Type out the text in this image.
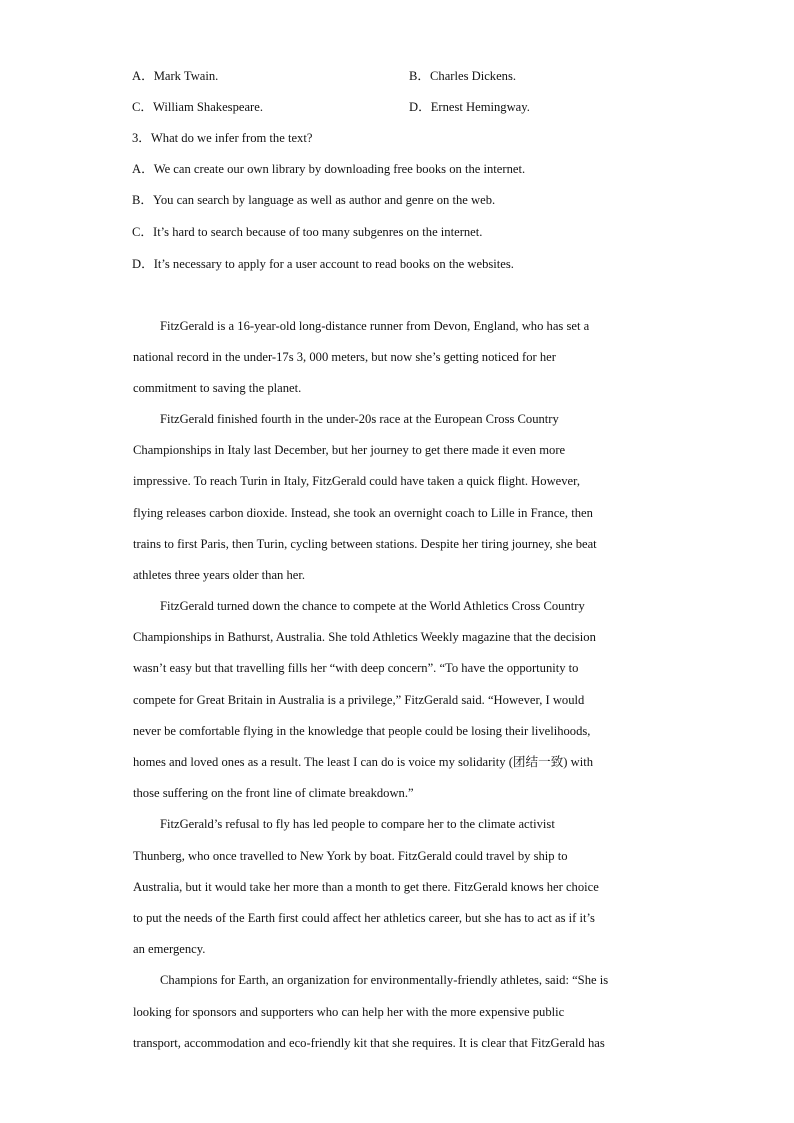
A．Mark Twain.	B．Charles Dickens.
C．William Shakespeare.	D．Ernest Hemingway.
3．What do we infer from the text?
A．We can create our own library by downloading free books on the internet.
B．You can search by language as well as author and genre on the web.
C．It’s hard to search because of too many subgenres on the internet.
D．It’s necessary to apply for a user account to read books on the websites.
FitzGerald is a 16-year-old long-distance runner from Devon, England, who has set a
national record in the under-17s 3, 000 meters, but now she’s getting noticed for her
commitment to saving the planet.
FitzGerald finished fourth in the under-20s race at the European Cross Country
Championships in Italy last December, but her journey to get there made it even more
impressive. To reach Turin in Italy, FitzGerald could have taken a quick flight. However,
flying releases carbon dioxide. Instead, she took an overnight coach to Lille in France, then
trains to first Paris, then Turin, cycling between stations. Despite her tiring journey, she beat
athletes three years older than her.
FitzGerald turned down the chance to compete at the World Athletics Cross Country
Championships in Bathurst, Australia. She told Athletics Weekly magazine that the decision
wasn’t easy but that travelling fills her “with deep concern”. “To have the opportunity to
compete for Great Britain in Australia is a privilege,” FitzGerald said. “However, I would
never be comfortable flying in the knowledge that people could be losing their livelihoods,
homes and loved ones as a result. The least I can do is voice my solidarity (团结一致) with
those suffering on the front line of climate breakdown.”
FitzGerald’s refusal to fly has led people to compare her to the climate activist
Thunberg, who once travelled to New York by boat. FitzGerald could travel by ship to
Australia, but it would take her more than a month to get there. FitzGerald knows her choice
to put the needs of the Earth first could affect her athletics career, but she has to act as if it’s
an emergency.
Champions for Earth, an organization for environmentally-friendly athletes, said: “She is
looking for sponsors and supporters who can help her with the more expensive public
transport, accommodation and eco-friendly kit that she requires. It is clear that FitzGerald has
